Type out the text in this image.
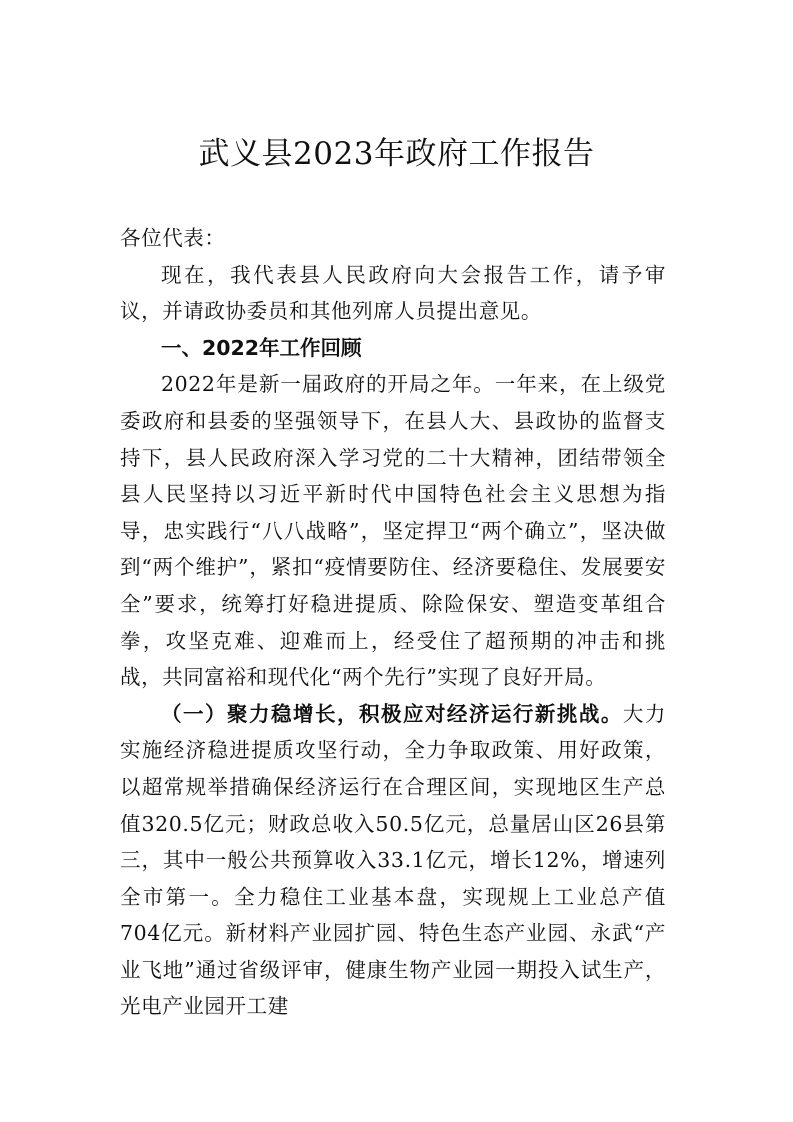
武义县2023年政府工作报告

各位代表：

现在，我代表县人民政府向大会报告工作，请予审议，并请政协委员和其他列席人员提出意见。

一、2022年工作回顾

2022年是新一届政府的开局之年。一年来，在上级党委政府和县委的坚强领导下，在县人大、县政协的监督支持下，县人民政府深入学习党的二十大精神，团结带领全县人民坚持以习近平新时代中国特色社会主义思想为指导，忠实践行“八八战略”，坚定捍卫“两个确立”，坚决做到“两个维护”，紧扣“疫情要防住、经济要稳住、发展要安全”要求，统筹打好稳进提质、除险保安、塑造变革组合拳，攻坚克难、迎难而上，经受住了超预期的冲击和挑战，共同富裕和现代化“两个先行”实现了良好开局。

（一）聚力稳增长，积极应对经济运行新挑战。大力实施经济稳进提质攻坚行动，全力争取政策、用好政策，以超常规举措确保经济运行在合理区间，实现地区生产总值320.5亿元；财政总收入50.5亿元，总量居山区26县第三，其中一般公共预算收入33.1亿元，增长12%，增速列全市第一。全力稳住工业基本盘，实现规上工业总产值704亿元。新材料产业园扩园、特色生态产业园、永武“产业飞地”通过省级评审，健康生物产业园一期投入试生产，光电产业园开工建
